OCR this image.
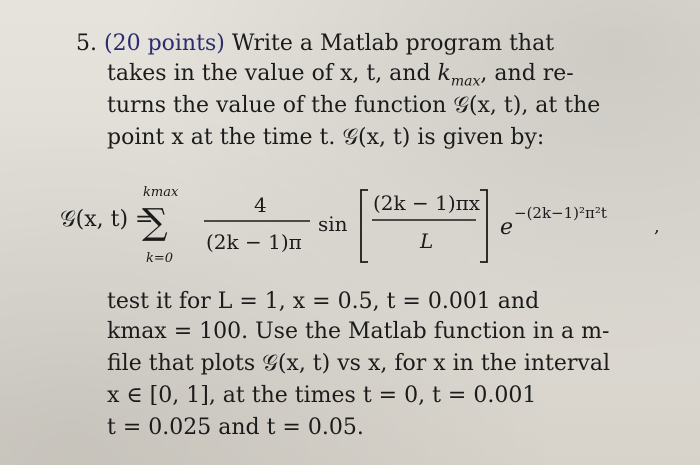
5. (20 points) Write a Matlab program that
takes in the value of x, t, and $k_{max}$, and re-
turns the value of the function 𝒢(x, t), at the
point x at the time t. 𝒢(x, t) is given by:
𝒢(x, t) =
kmax
∑
k=0
4
(2k − 1)π
sin
(2k − 1)πx
L
e
−(2k−1)²π²t
,
test it for L = 1, x = 0.5, t = 0.001 and
kmax = 100. Use the Matlab function in a m-
file that plots 𝒢(x, t) vs x, for x in the interval
x ∈ [0, 1], at the times t = 0, t = 0.001
t = 0.025 and t = 0.05.
